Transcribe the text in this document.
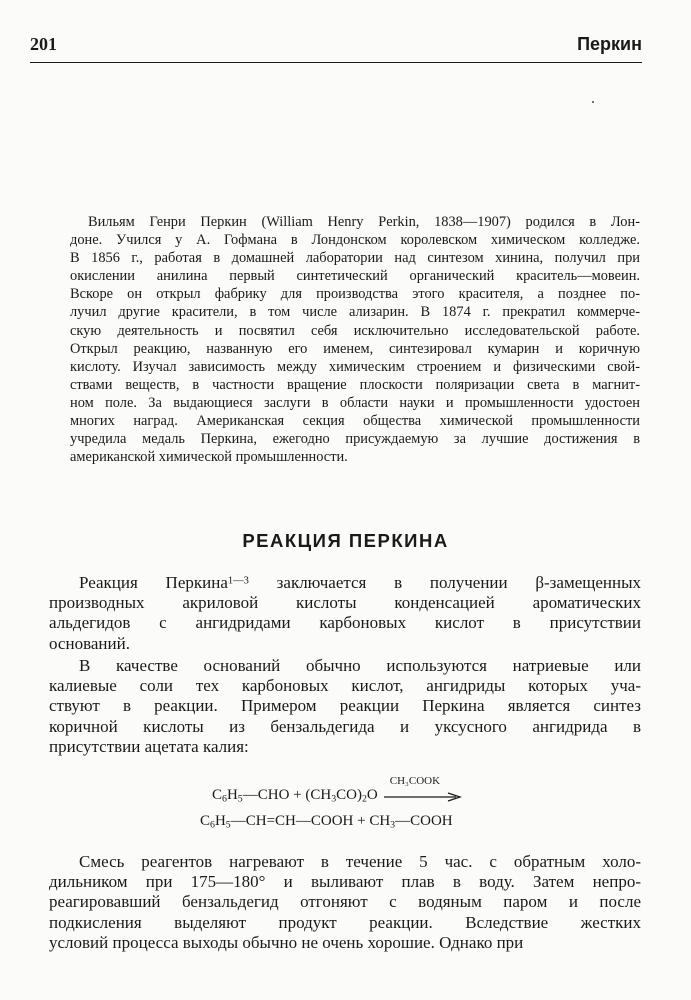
201	Перкин
Вильям Генри Перкин (William Henry Perkin, 1838—1907) родился в Лон-
доне. Учился у А. Гофмана в Лондонском королевском химическом колледже.
В 1856 г., работая в домашней лаборатории над синтезом хинина, получил при
окислении анилина первый синтетический органический краситель—мовеин.
Вскоре он открыл фабрику для производства этого красителя, а позднее по-
лучил другие красители, в том числе ализарин. В 1874 г. прекратил коммерче-
скую деятельность и посвятил себя исключительно исследовательской работе.
Открыл реакцию, названную его именем, синтезировал кумарин и коричную
кислоту. Изучал зависимость между химическим строением и физическими свой-
ствами веществ, в частности вращение плоскости поляризации света в магнит-
ном поле. За выдающиеся заслуги в области науки и промышленности удостоен
многих наград. Американская секция общества химической промышленности
учредила медаль Перкина, ежегодно присуждаемую за лучшие достижения в
американской химической промышленности.
РЕАКЦИЯ ПЕРКИНА
Реакция Перкина$^{1—3}$ заключается в получении β-замещенных
производных акриловой кислоты конденсацией ароматических
альдегидов с ангидридами карбоновых кислот в присутствии
оснований.
В качестве оснований обычно используются натриевые или
калиевые соли тех карбоновых кислот, ангидриды которых уча-
ствуют в реакции. Примером реакции Перкина является синтез
коричной кислоты из бензальдегида и уксусного ангидрида в
присутствии ацетата калия:
$C_6H_5—CHO + (CH_3CO)_2O$
CH₃COOK
$C_6H_5—CH=CH—COOH$ + $CH_3—COOH$
Смесь реагентов нагревают в течение 5 час. с обратным холо-
дильником при 175—180° и выливают плав в воду. Затем непро-
реагировавший бензальдегид отгоняют с водяным паром и после
подкисления выделяют продукт реакции. Вследствие жестких
условий процесса выходы обычно не очень хорошие. Однако при
